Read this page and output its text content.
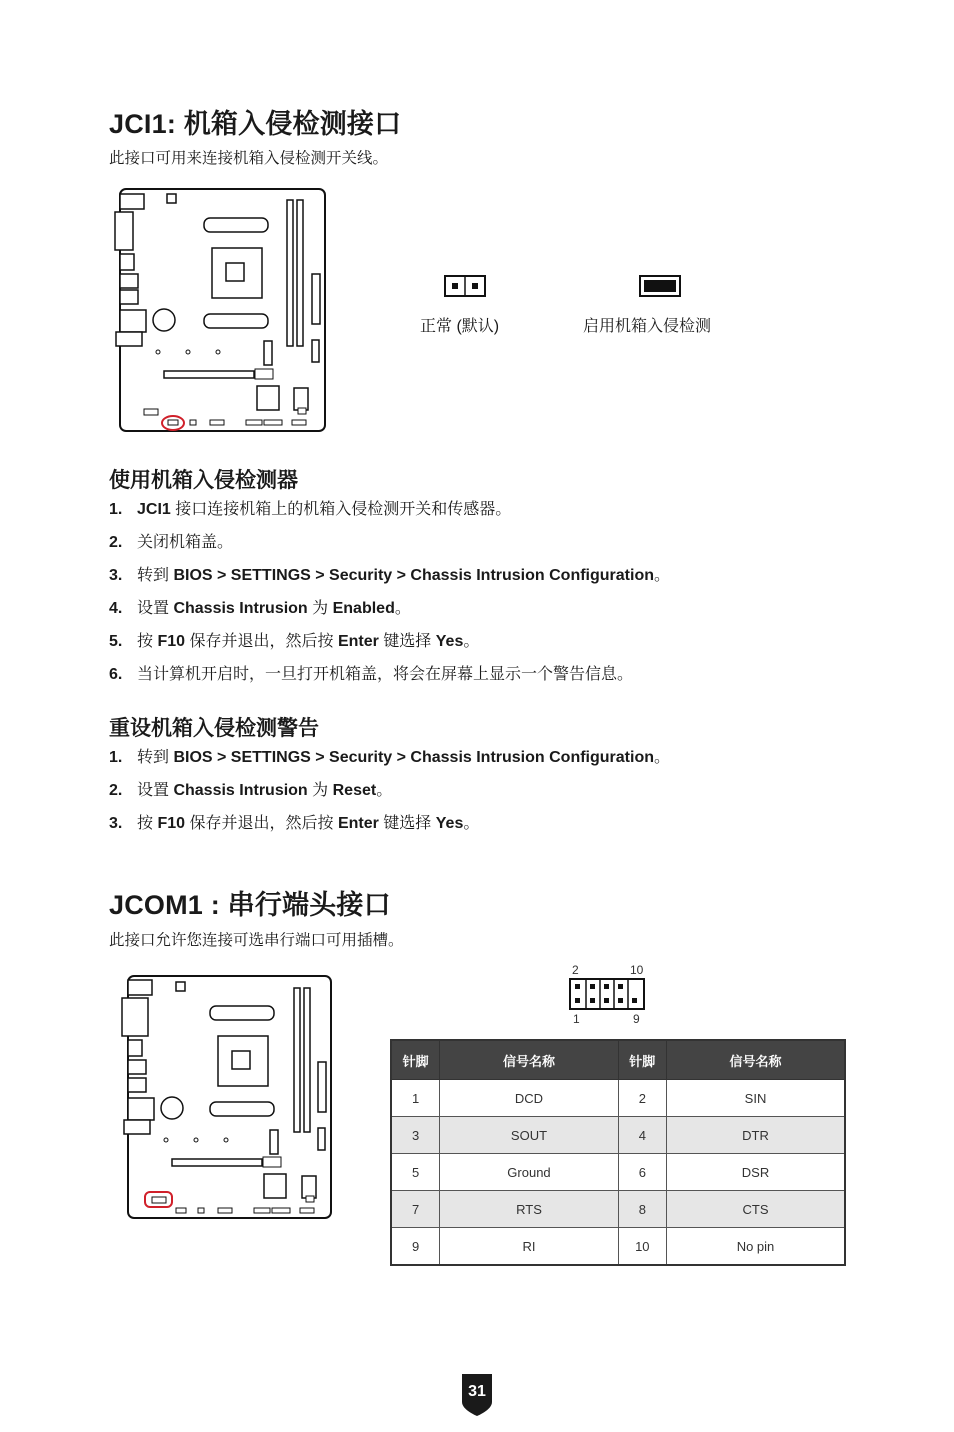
JCI1: 机箱入侵检测接口
此接口可用来连接机箱入侵检测开关线。
正常 (默认)	启用机箱入侵检测
使用机箱入侵检测器
1. JCI1 接口连接机箱上的机箱入侵检测开关和传感器。
2. 关闭机箱盖。
3. 转到 BIOS > SETTINGS > Security > Chassis Intrusion Configuration。
4. 设置 Chassis Intrusion 为 Enabled。
5. 按 F10 保存并退出，然后按 Enter 键选择 Yes。
6. 当计算机开启时，一旦打开机箱盖，将会在屏幕上显示一个警告信息。
重设机箱入侵检测警告
1. 转到 BIOS > SETTINGS > Security > Chassis Intrusion Configuration。
2. 设置 Chassis Intrusion 为 Reset。
3. 按 F10 保存并退出，然后按 Enter 键选择 Yes。
JCOM1 : 串行端头接口
此接口允许您连接可选串行端口可用插槽。
2	10
1	9
针脚	信号名称	针脚	信号名称
1	DCD	2	SIN
3	SOUT	4	DTR
5	Ground	6	DSR
7	RTS	8	CTS
9	RI	10	No pin
31
